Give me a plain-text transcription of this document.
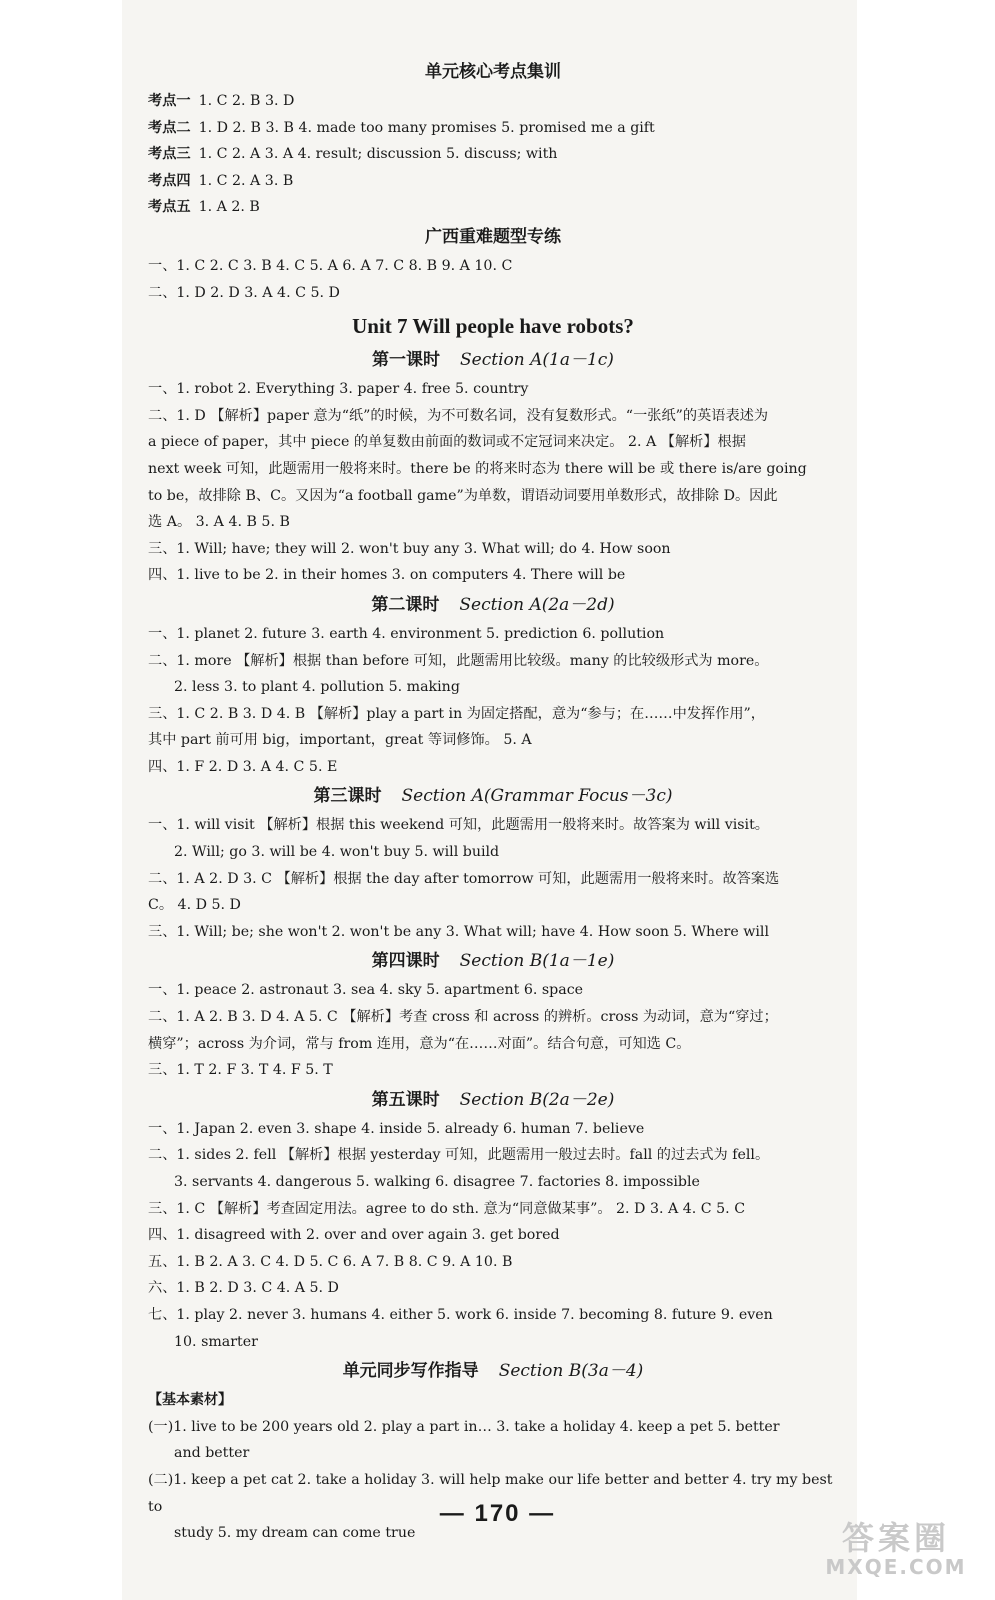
单元核心考点集训
考点一 1. C 2. B 3. D
考点二 1. D 2. B 3. B 4. made too many promises 5. promised me a gift
考点三 1. C 2. A 3. A 4. result; discussion 5. discuss; with
考点四 1. C 2. A 3. B
考点五 1. A 2. B
广西重难题型专练
一、1. C 2. C 3. B 4. C 5. A 6. A 7. C 8. B 9. A 10. C
二、1. D 2. D 3. A 4. C 5. D
Unit 7 Will people have robots?
第一课时 Section A(1a－1c)
一、1. robot 2. Everything 3. paper 4. free 5. country
二、1. D 【解析】paper 意为“纸”的时候，为不可数名词，没有复数形式。“一张纸”的英语表述为
a piece of paper，其中 piece 的单复数由前面的数词或不定冠词来决定。 2. A 【解析】根据
next week 可知，此题需用一般将来时。there be 的将来时态为 there will be 或 there is/are going
to be，故排除 B、C。又因为“a football game”为单数，谓语动词要用单数形式，故排除 D。因此
选 A。 3. A 4. B 5. B
三、1. Will; have; they will 2. won't buy any 3. What will; do 4. How soon
四、1. live to be 2. in their homes 3. on computers 4. There will be
第二课时 Section A(2a－2d)
一、1. planet 2. future 3. earth 4. environment 5. prediction 6. pollution
二、1. more 【解析】根据 than before 可知，此题需用比较级。many 的比较级形式为 more。
2. less 3. to plant 4. pollution 5. making
三、1. C 2. B 3. D 4. B 【解析】play a part in 为固定搭配，意为“参与；在……中发挥作用”，
其中 part 前可用 big，important，great 等词修饰。 5. A
四、1. F 2. D 3. A 4. C 5. E
第三课时 Section A(Grammar Focus－3c)
一、1. will visit 【解析】根据 this weekend 可知，此题需用一般将来时。故答案为 will visit。
2. Will; go 3. will be 4. won't buy 5. will build
二、1. A 2. D 3. C 【解析】根据 the day after tomorrow 可知，此题需用一般将来时。故答案选
C。 4. D 5. D
三、1. Will; be; she won't 2. won't be any 3. What will; have 4. How soon 5. Where will
第四课时 Section B(1a－1e)
一、1. peace 2. astronaut 3. sea 4. sky 5. apartment 6. space
二、1. A 2. B 3. D 4. A 5. C 【解析】考查 cross 和 across 的辨析。cross 为动词，意为“穿过；
横穿”；across 为介词，常与 from 连用，意为“在……对面”。结合句意，可知选 C。
三、1. T 2. F 3. T 4. F 5. T
第五课时 Section B(2a－2e)
一、1. Japan 2. even 3. shape 4. inside 5. already 6. human 7. believe
二、1. sides 2. fell 【解析】根据 yesterday 可知，此题需用一般过去时。fall 的过去式为 fell。
3. servants 4. dangerous 5. walking 6. disagree 7. factories 8. impossible
三、1. C 【解析】考查固定用法。agree to do sth. 意为“同意做某事”。 2. D 3. A 4. C 5. C
四、1. disagreed with 2. over and over again 3. get bored
五、1. B 2. A 3. C 4. D 5. C 6. A 7. B 8. C 9. A 10. B
六、1. B 2. D 3. C 4. A 5. D
七、1. play 2. never 3. humans 4. either 5. work 6. inside 7. becoming 8. future 9. even
10. smarter
单元同步写作指导 Section B(3a－4)
【基本素材】
(一)1. live to be 200 years old 2. play a part in… 3. take a holiday 4. keep a pet 5. better
and better
(二)1. keep a pet cat 2. take a holiday 3. will help make our life better and better 4. try my best to
study 5. my dream can come true
— 170 —
答案圈
MXQE.COM
